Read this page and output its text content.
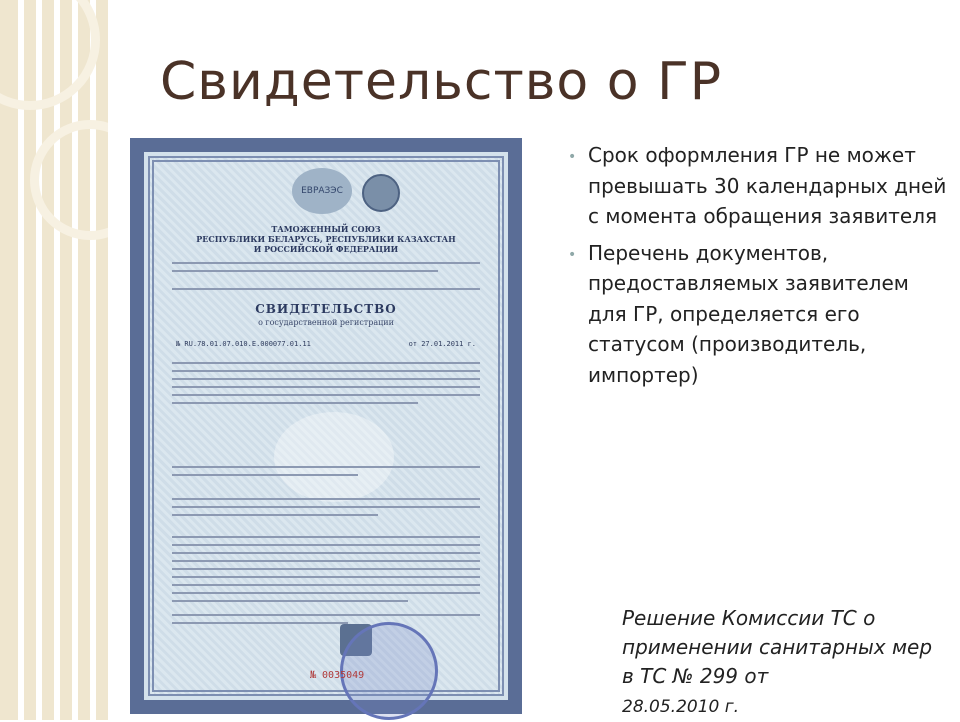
Свидетельство о ГР
ЕВРАЗЭС
ТАМОЖЕННЫЙ СОЮЗ
РЕСПУБЛИКИ БЕЛАРУСЬ, РЕСПУБЛИКИ КАЗАХСТАН
И РОССИЙСКОЙ ФЕДЕРАЦИИ
СВИДЕТЕЛЬСТВО
о государственной регистрации
№ RU.78.01.07.010.Е.000077.01.11	от 27.01.2011 г.
№ 0035049
• Срок оформления ГР не может превышать 30 календарных дней с момента обращения заявителя
• Перечень документов, предоставляемых заявителем для ГР, определяется его статусом (производитель, импортер)
Решение Комиссии ТС о применении санитарных мер в ТС № 299 от
28.05.2010 г.
